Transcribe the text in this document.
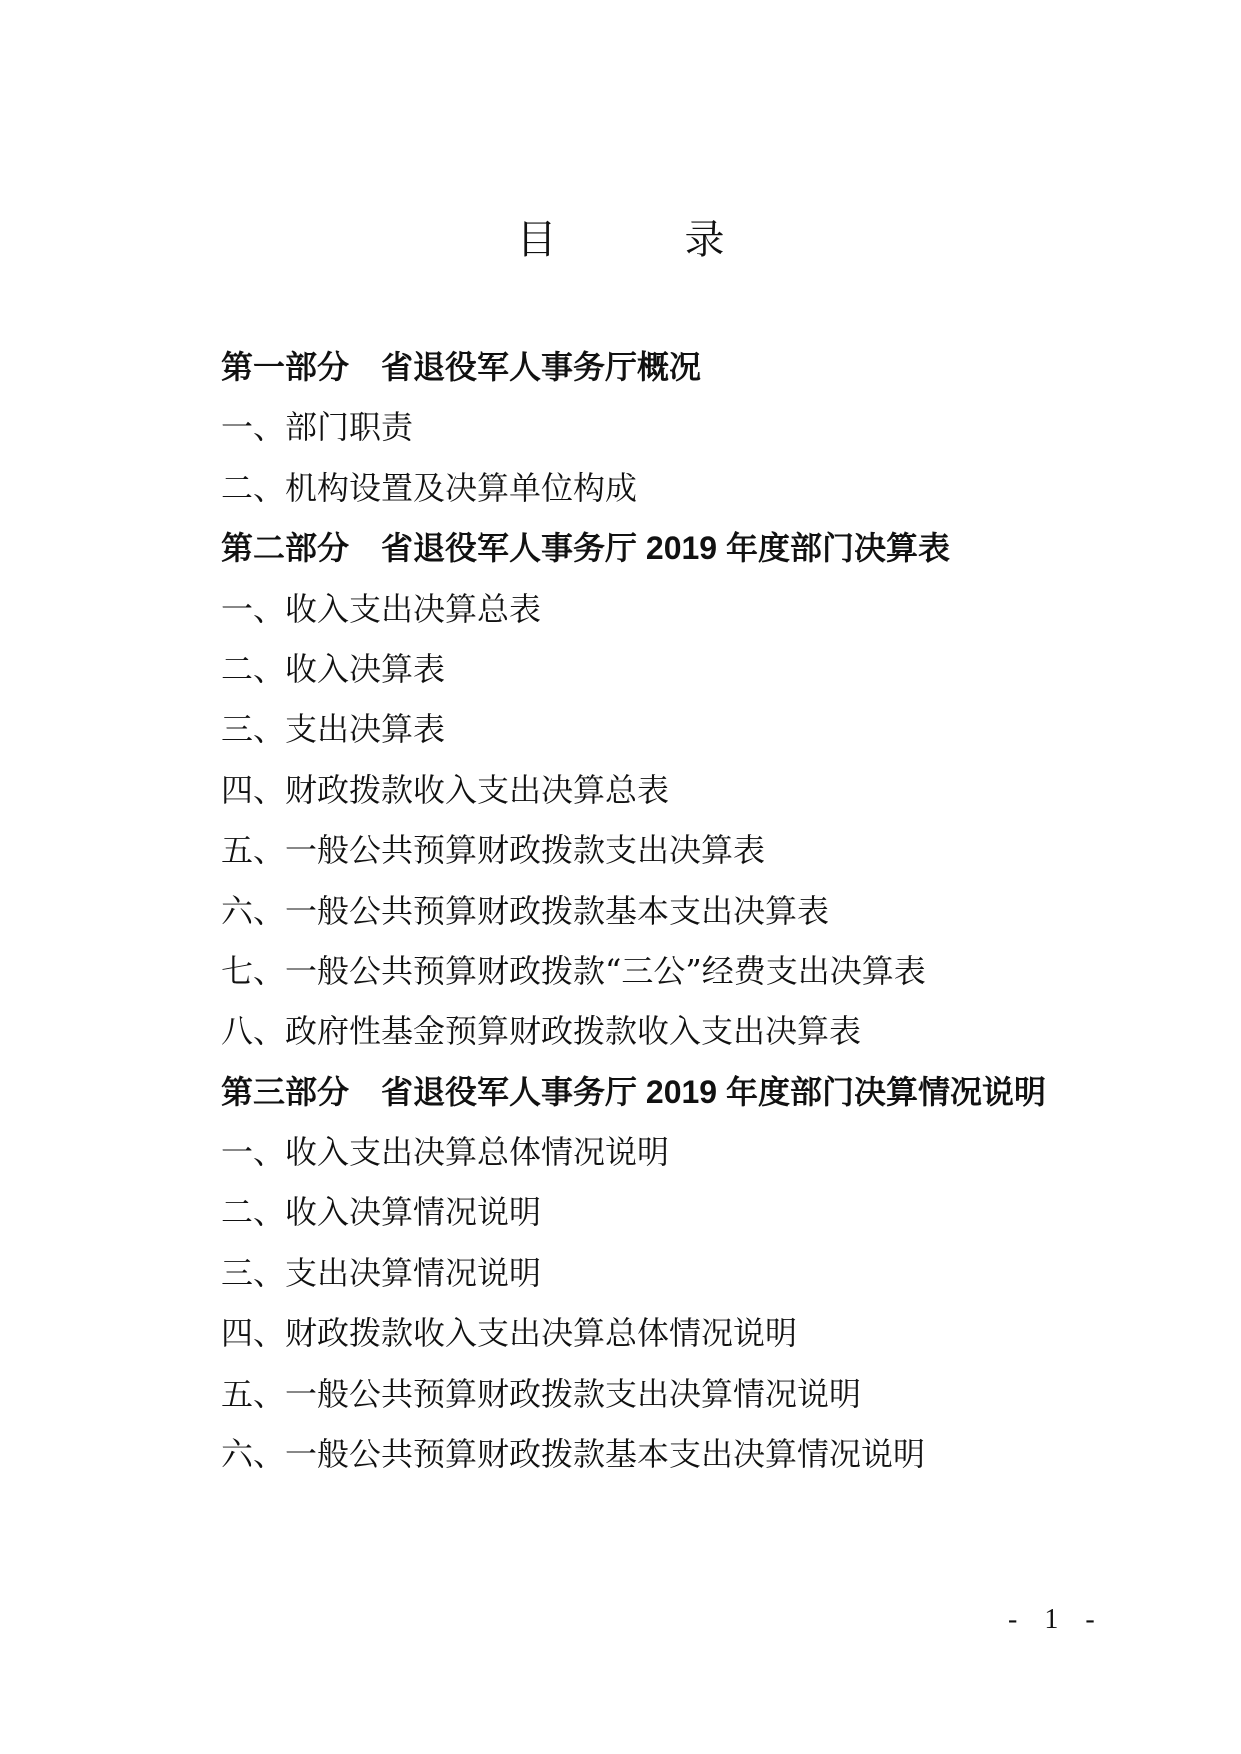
目　录
第一部分 省退役军人事务厅概况
一、部门职责
二、机构设置及决算单位构成
第二部分 省退役军人事务厅 2019 年度部门决算表
一、收入支出决算总表
二、收入决算表
三、支出决算表
四、财政拨款收入支出决算总表
五、一般公共预算财政拨款支出决算表
六、一般公共预算财政拨款基本支出决算表
七、一般公共预算财政拨款“三公”经费支出决算表
八、政府性基金预算财政拨款收入支出决算表
第三部分 省退役军人事务厅 2019 年度部门决算情况说明
一、收入支出决算总体情况说明
二、收入决算情况说明
三、支出决算情况说明
四、财政拨款收入支出决算总体情况说明
五、一般公共预算财政拨款支出决算情况说明
六、一般公共预算财政拨款基本支出决算情况说明
- 1 -
